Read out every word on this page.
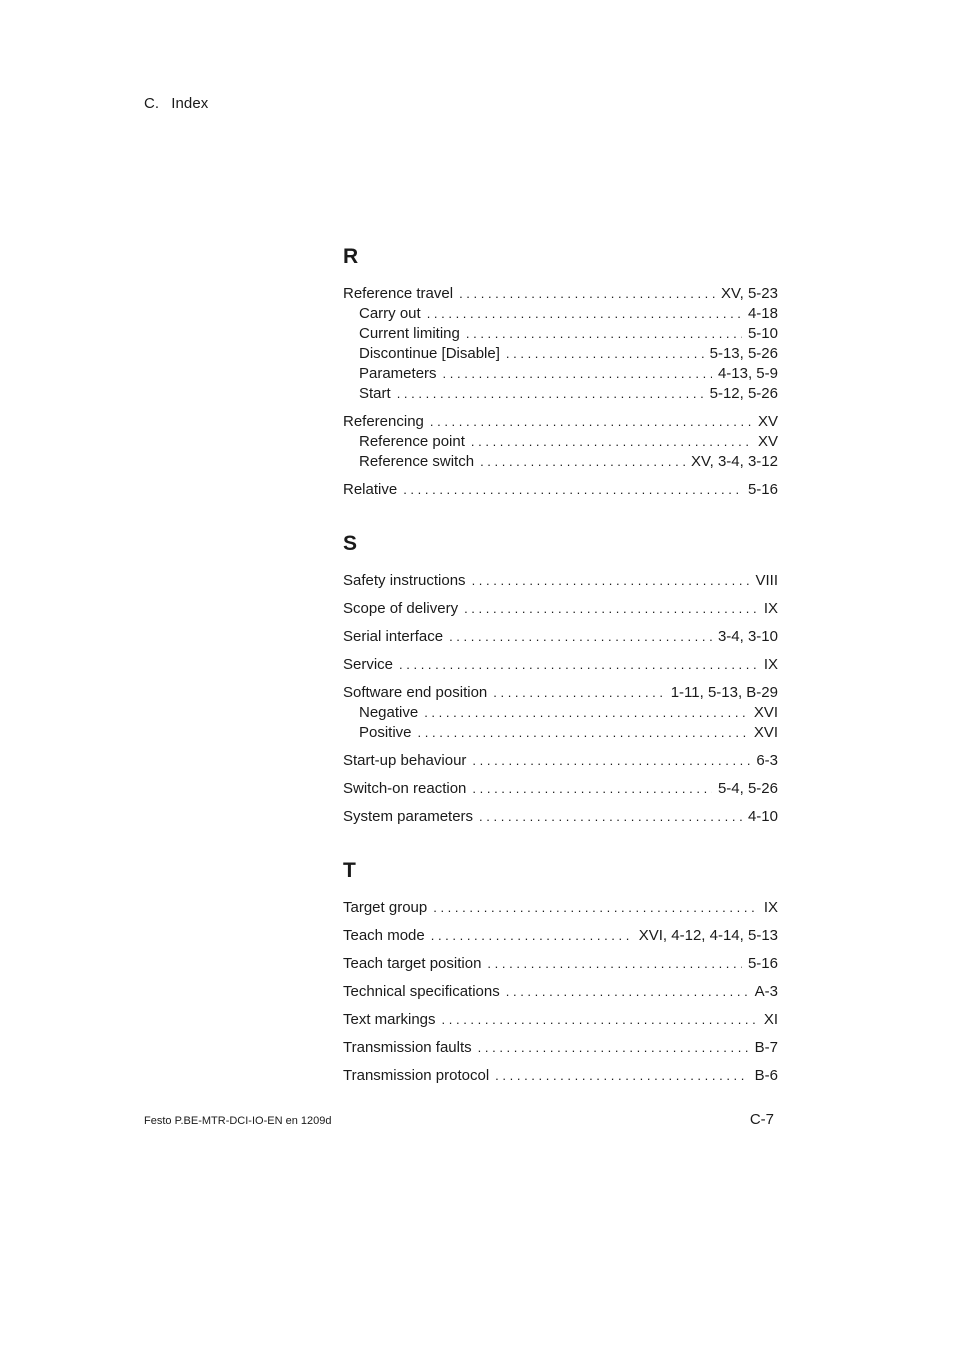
C. Index
R
Reference travel . . .	XV, 5-23
Carry out . . .	4-18
Current limiting . . .	5-10
Discontinue [Disable] . . .	5-13, 5-26
Parameters . . .	4-13, 5-9
Start . . .	5-12, 5-26
Referencing . . .	XV
Reference point . . .	XV
Reference switch . . .	XV, 3-4, 3-12
Relative . . .	5-16
S
Safety instructions . . .	VIII
Scope of delivery . . .	IX
Serial interface . . .	3-4, 3-10
Service . . .	IX
Software end position . . .	1-11, 5-13, B-29
Negative . . .	XVI
Positive . . .	XVI
Start-up behaviour . . .	6-3
Switch-on reaction . . .	5-4, 5-26
System parameters . . .	4-10
T
Target group . . .	IX
Teach mode . . .	XVI, 4-12, 4-14, 5-13
Teach target position . . .	5-16
Technical specifications . . .	A-3
Text markings . . .	XI
Transmission faults . . .	B-7
Transmission protocol . . .	B-6
Festo P.BE-MTR-DCI-IO-EN en 1209d	C-7
